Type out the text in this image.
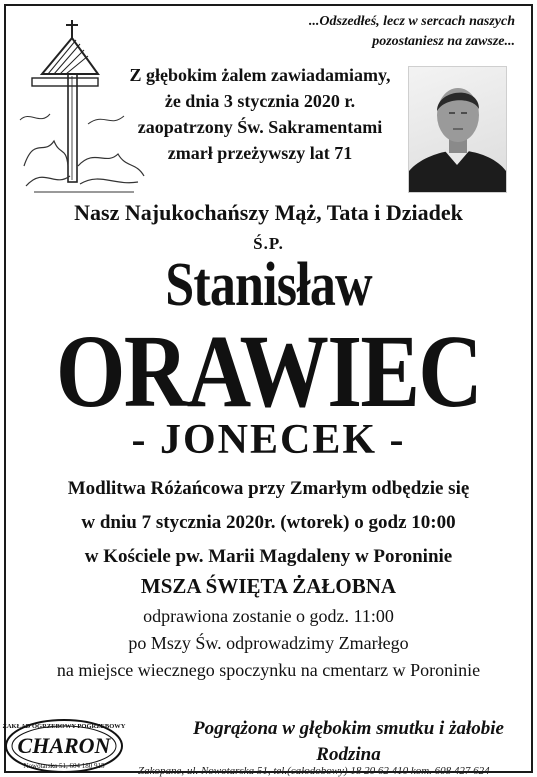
...Odszedłeś, lecz w sercach naszych
pozostaniesz na zawsze...
Z głębokim żalem zawiadamiamy,
że dnia 3 stycznia 2020 r.
zaopatrzony Św. Sakramentami
zmarł przeżywszy lat 71
Nasz Najukochańszy Mąż, Tata i Dziadek
Ś.P.
Stanisław
ORAWIEC
- JONECEK -
Modlitwa Różańcowa przy Zmarłym odbędzie się
w dniu 7 stycznia 2020r. (wtorek) o godz 10:00
w Kościele pw. Marii Magdaleny w Poroninie
MSZA ŚWIĘTA ŻAŁOBNA
odprawiona zostanie o godz. 11:00
po Mszy Św. odprowadzimy Zmarłego
na miejsce wiecznego spoczynku na cmentarz w Poroninie
ZAKŁAD OGRZEBOWY POGRZEBOWY
CHARON
Nowotarska 51, 604 180 915
Pogrążona w głębokim smutku i żałobie
Rodzina
Zakopane, ul. Nowotarska 51, tel.(całodobowy) 18 20 62 410 kom. 608 427 624
